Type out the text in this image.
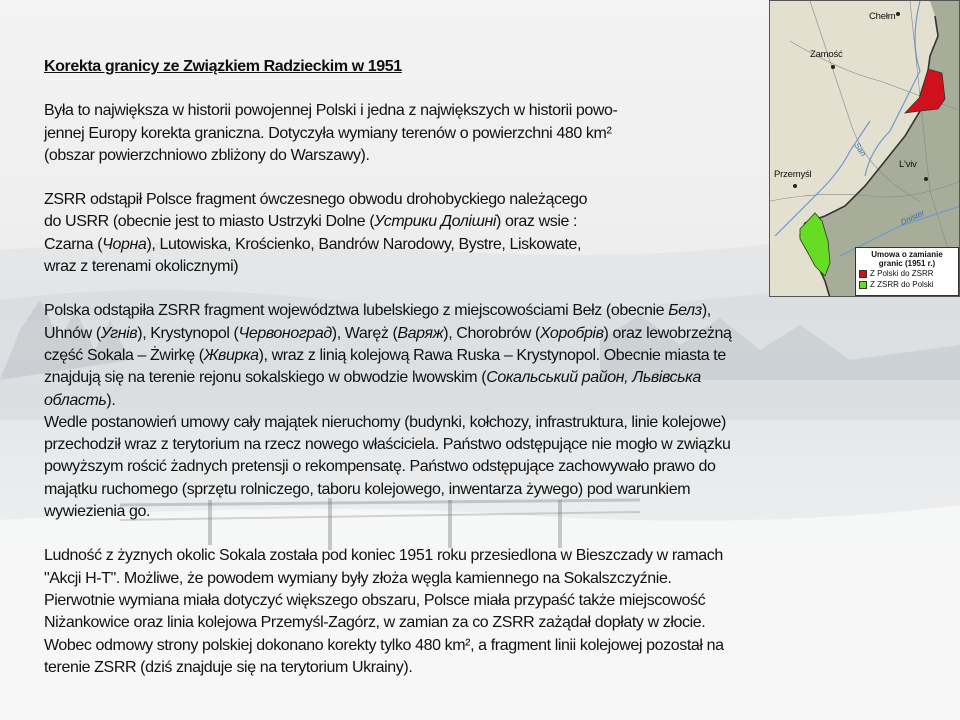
Korekta granicy ze Związkiem Radzieckim w 1951

Była to największa w historii powojennej Polski i jedna z największych w historii powo-

jennej Europy korekta graniczna. Dotyczyła wymiany terenów o powierzchni 480 km²

(obszar powierzchniowo zbliżony do Warszawy).

ZSRR odstąpił Polsce fragment ówczesnego obwodu drohobyckiego należącego

do USRR (obecnie jest to miasto Ustrzyki Dolne (Устрики Долішні) oraz wsie :

Czarna (Чорна), Lutowiska, Krościenko, Bandrów Narodowy, Bystre, Liskowate,

wraz z terenami okolicznymi)

Polska odstąpiła ZSRR fragment województwa lubelskiego z miejscowościami Bełz (obecnie Белз),

Uhnów (Угнів), Krystynopol (Червоноград), Waręż (Варяж), Chorobrów (Хоробрів) oraz lewobrzeżną

część Sokala – Żwirkę (Жвирка), wraz z linią kolejową Rawa Ruska – Krystynopol. Obecnie miasta te

znajdują się na terenie rejonu sokalskiego w obwodzie lwowskim (Сокальський район, Львівська

область).

Wedle postanowień umowy cały majątek nieruchomy (budynki, kołchozy, infrastruktura, linie kolejowe)

przechodził wraz z terytorium na rzecz nowego właściciela. Państwo odstępujące nie mogło w związku

powyższym rościć żadnych pretensji o rekompensatę. Państwo odstępujące zachowywało prawo do

majątku ruchomego (sprzętu rolniczego, taboru kolejowego, inwentarza żywego) pod warunkiem

wywiezienia go.

Ludność z żyznych okolic Sokala została pod koniec 1951 roku przesiedlona w Bieszczady w ramach

"Akcji H-T". Możliwe, że powodem wymiany były złoża węgla kamiennego na Sokalszczyźnie.

Pierwotnie wymiana miała dotyczyć większego obszaru, Polsce miała przypaść także miejscowość

Niżankowice oraz linia kolejowa Przemyśl-Zagórz, w zamian za co ZSRR zażądał dopłaty w złocie.

Wobec odmowy strony polskiej dokonano korekty tylko 480 km², a fragment linii kolejowej pozostał na

terenie ZSRR (dziś znajduje się na terytorium Ukrainy).

Chełm
Zamość
L'viv
Przemyśl
San
Dnister
Umowa o zamianie
granic (1951 r.)
Z Polski do ZSRR
Z ZSRR do Polski
